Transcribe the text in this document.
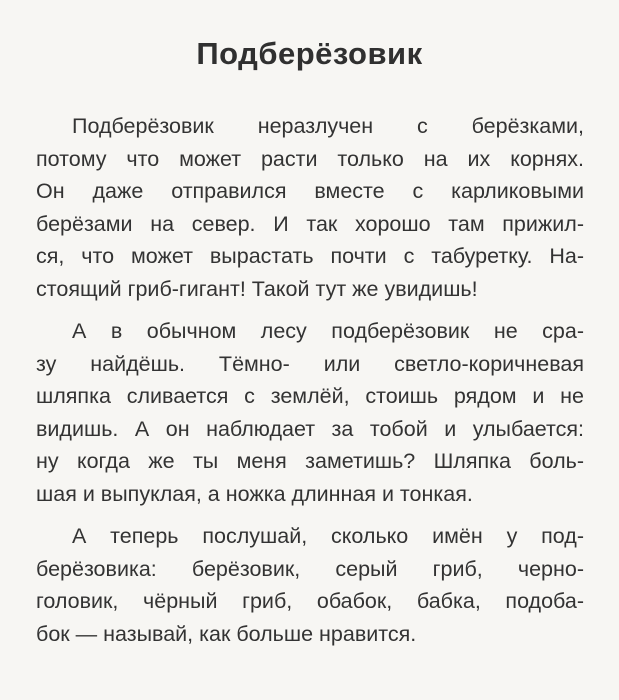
Подберёзовик
Подберёзовик неразлучен с берёзками,
потому что может расти только на их корнях.
Он даже отправился вместе с карликовыми
берёзами на север. И так хорошо там прижил-
ся, что может вырастать почти с табуретку. На-
стоящий гриб-гигант! Такой тут же увидишь!
А в обычном лесу подберёзовик не сра-
зу найдёшь. Тёмно- или светло-коричневая
шляпка сливается с землёй, стоишь рядом и не
видишь. А он наблюдает за тобой и улыбается:
ну когда же ты меня заметишь? Шляпка боль-
шая и выпуклая, а ножка длинная и тонкая.
А теперь послушай, сколько имён у под-
берёзовика: берёзовик, серый гриб, черно-
головик, чёрный гриб, обабок, бабка, подоба-
бок — называй, как больше нравится.
